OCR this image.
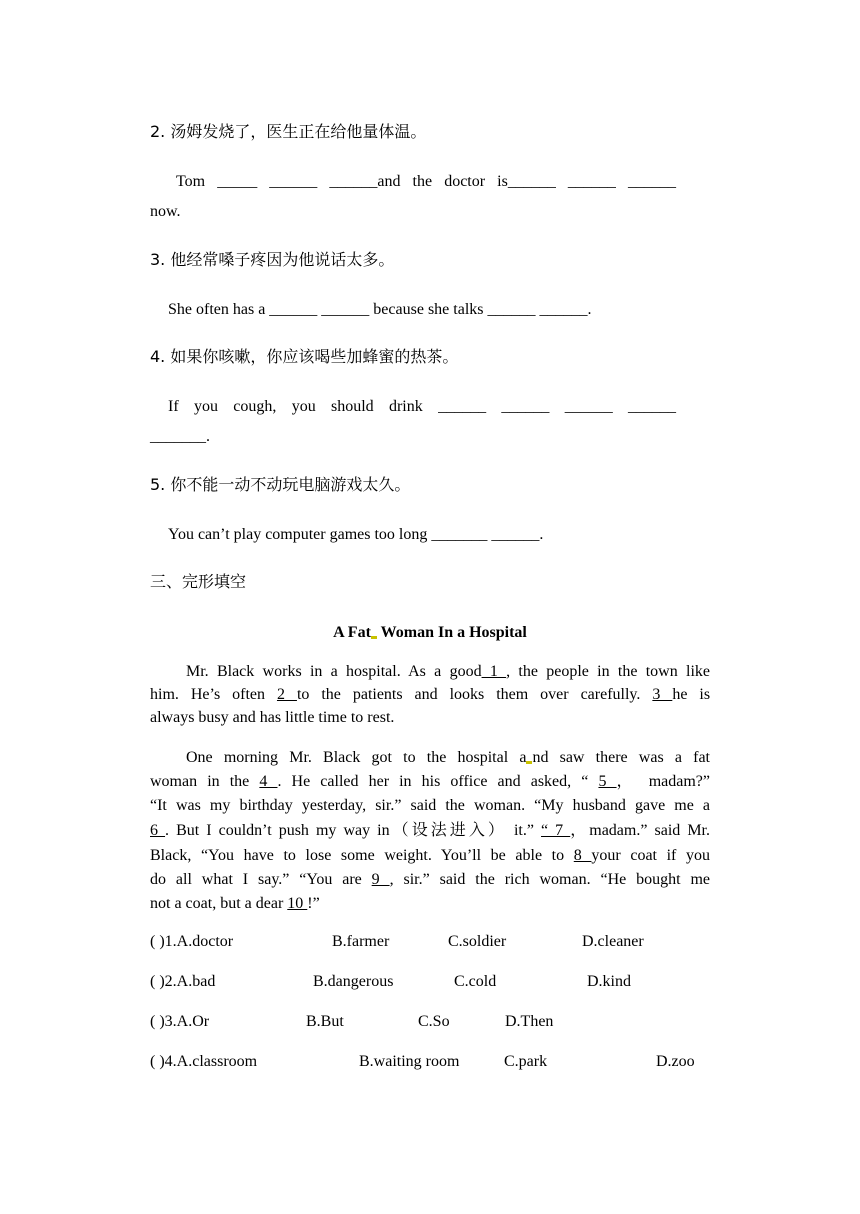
2. 汤姆发烧了，医生正在给他量体温。
Tom _____ ______ ______and the doctor is______ ______ ______
now.
3. 他经常嗓子疼因为他说话太多。
She often has a ______ ______ because she talks ______ ______.
4. 如果你咳嗽，你应该喝些加蜂蜜的热茶。
If you cough, you should drink ______ ______ ______ ______
_______.
5. 你不能一动不动玩电脑游戏太久。
You can’t play computer games too long _______ ______.
三、完形填空
A Fat Woman In a Hospital
Mr. Black works in a hospital. As a good 1 , the people in the town like
him. He’s often 2 to the patients and looks them over carefully. 3 he is
always busy and has little time to rest.
One morning Mr. Black got to the hospital a nd saw there was a fat
woman in the 4 . He called her in his office and asked, “ 5 ， madam?”
“It was my birthday yesterday, sir.” said the woman. “My husband gave me a
6 . But I couldn’t push my way in（设法进入） it.” “ 7 ，madam.” said Mr.
Black, “You have to lose some weight. You’ll be able to 8 your coat if you
do all what I say.” “You are 9 , sir.” said the rich woman. “He bought me
not a coat, but a dear 10 !”
( )1.A.doctor	B.farmer	C.soldier	D.cleaner
( )2.A.bad	B.dangerous	C.cold	D.kind
( )3.A.Or	B.But	C.So	D.Then
( )4.A.classroom	B.waiting room	C.park	D.zoo
